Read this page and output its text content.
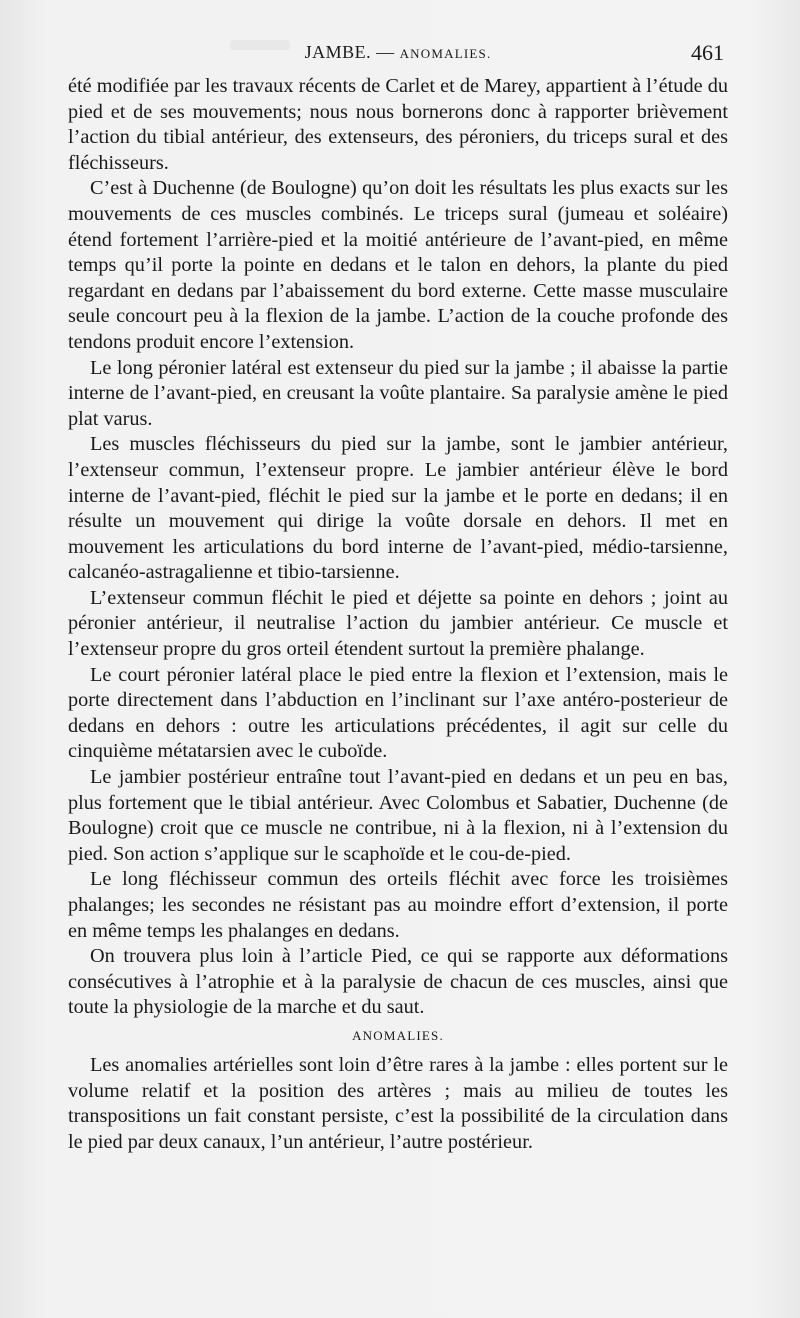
JAMBE. — ANOMALIES.	461

été modifiée par les travaux récents de Carlet et de Marey, appartient à l’étude du pied et de ses mouvements; nous nous bornerons donc à rapporter brièvement l’action du tibial antérieur, des extenseurs, des péroniers, du triceps sural et des fléchisseurs.

C’est à Duchenne (de Boulogne) qu’on doit les résultats les plus exacts sur les mouvements de ces muscles combinés. Le triceps sural (jumeau et soléaire) étend fortement l’arrière-pied et la moitié antérieure de l’avant-pied, en même temps qu’il porte la pointe en dedans et le talon en dehors, la plante du pied regardant en dedans par l’abaissement du bord externe. Cette masse musculaire seule concourt peu à la flexion de la jambe. L’action de la couche profonde des tendons produit encore l’extension.

Le long péronier latéral est extenseur du pied sur la jambe ; il abaisse la partie interne de l’avant-pied, en creusant la voûte plantaire. Sa paralysie amène le pied plat varus.

Les muscles fléchisseurs du pied sur la jambe, sont le jambier antérieur, l’extenseur commun, l’extenseur propre. Le jambier antérieur élève le bord interne de l’avant-pied, fléchit le pied sur la jambe et le porte en dedans; il en résulte un mouvement qui dirige la voûte dorsale en dehors. Il met en mouvement les articulations du bord interne de l’avant-pied, médio-tarsienne, calcanéo-astragalienne et tibio-tarsienne.

L’extenseur commun fléchit le pied et déjette sa pointe en dehors ; joint au péronier antérieur, il neutralise l’action du jambier antérieur. Ce muscle et l’extenseur propre du gros orteil étendent surtout la première phalange.

Le court péronier latéral place le pied entre la flexion et l’extension, mais le porte directement dans l’abduction en l’inclinant sur l’axe antéro-posterieur de dedans en dehors : outre les articulations précédentes, il agit sur celle du cinquième métatarsien avec le cuboïde.

Le jambier postérieur entraîne tout l’avant-pied en dedans et un peu en bas, plus fortement que le tibial antérieur. Avec Colombus et Sabatier, Duchenne (de Boulogne) croit que ce muscle ne contribue, ni à la flexion, ni à l’extension du pied. Son action s’applique sur le scaphoïde et le cou-de-pied.

Le long fléchisseur commun des orteils fléchit avec force les troisièmes phalanges; les secondes ne résistant pas au moindre effort d’extension, il porte en même temps les phalanges en dedans.

On trouvera plus loin à l’article Pied, ce qui se rapporte aux déformations consécutives à l’atrophie et à la paralysie de chacun de ces muscles, ainsi que toute la physiologie de la marche et du saut.

ANOMALIES.

Les anomalies artérielles sont loin d’être rares à la jambe : elles portent sur le volume relatif et la position des artères ; mais au milieu de toutes les transpositions un fait constant persiste, c’est la possibilité de la circulation dans le pied par deux canaux, l’un antérieur, l’autre postérieur.
